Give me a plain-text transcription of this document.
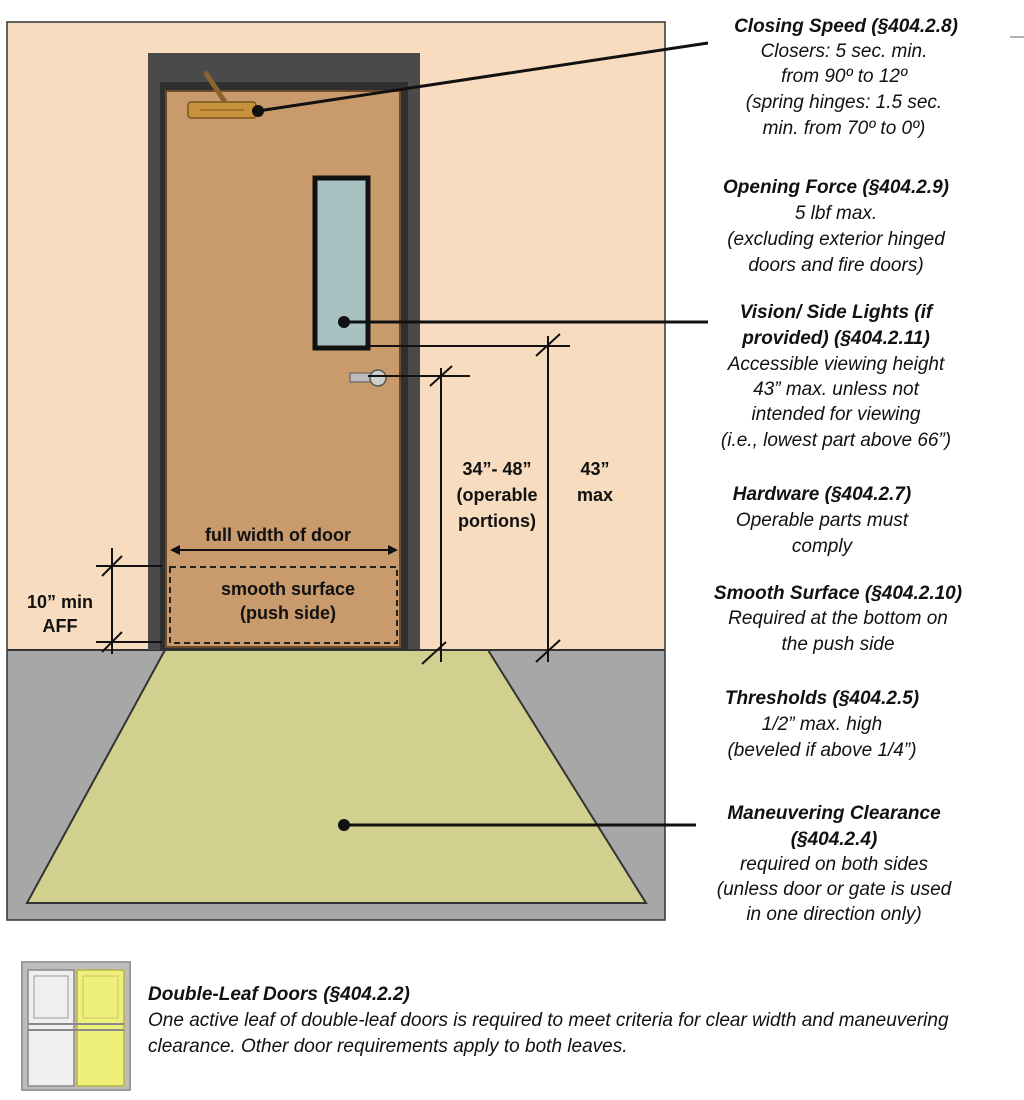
smooth surface
(push side)
full width of door
10” min
AFF
34”- 48”
(operable
portions)
43”
max
Closing Speed (§404.2.8)
Closers: 5 sec. min.
from 90º to 12º
(spring hinges: 1.5 sec.
min. from 70º to 0º)
Opening Force (§404.2.9)
5 lbf max.
(excluding exterior hinged
doors and fire doors)
Vision/ Side Lights (if
provided) (§404.2.11)
Accessible viewing height
43” max. unless not
intended for viewing
(i.e., lowest part above 66”)
Hardware (§404.2.7)
Operable parts must
comply
Smooth Surface (§404.2.10)
Required at the bottom on
the push side
Thresholds (§404.2.5)
1/2” max. high
(beveled if above 1/4”)
Maneuvering Clearance
(§404.2.4)
required on both sides
(unless door or gate is used
in one direction only)
Double-Leaf Doors (§404.2.2)
One active leaf of double-leaf doors is required to meet criteria for clear width and maneuvering clearance. Other door requirements apply to both leaves.
